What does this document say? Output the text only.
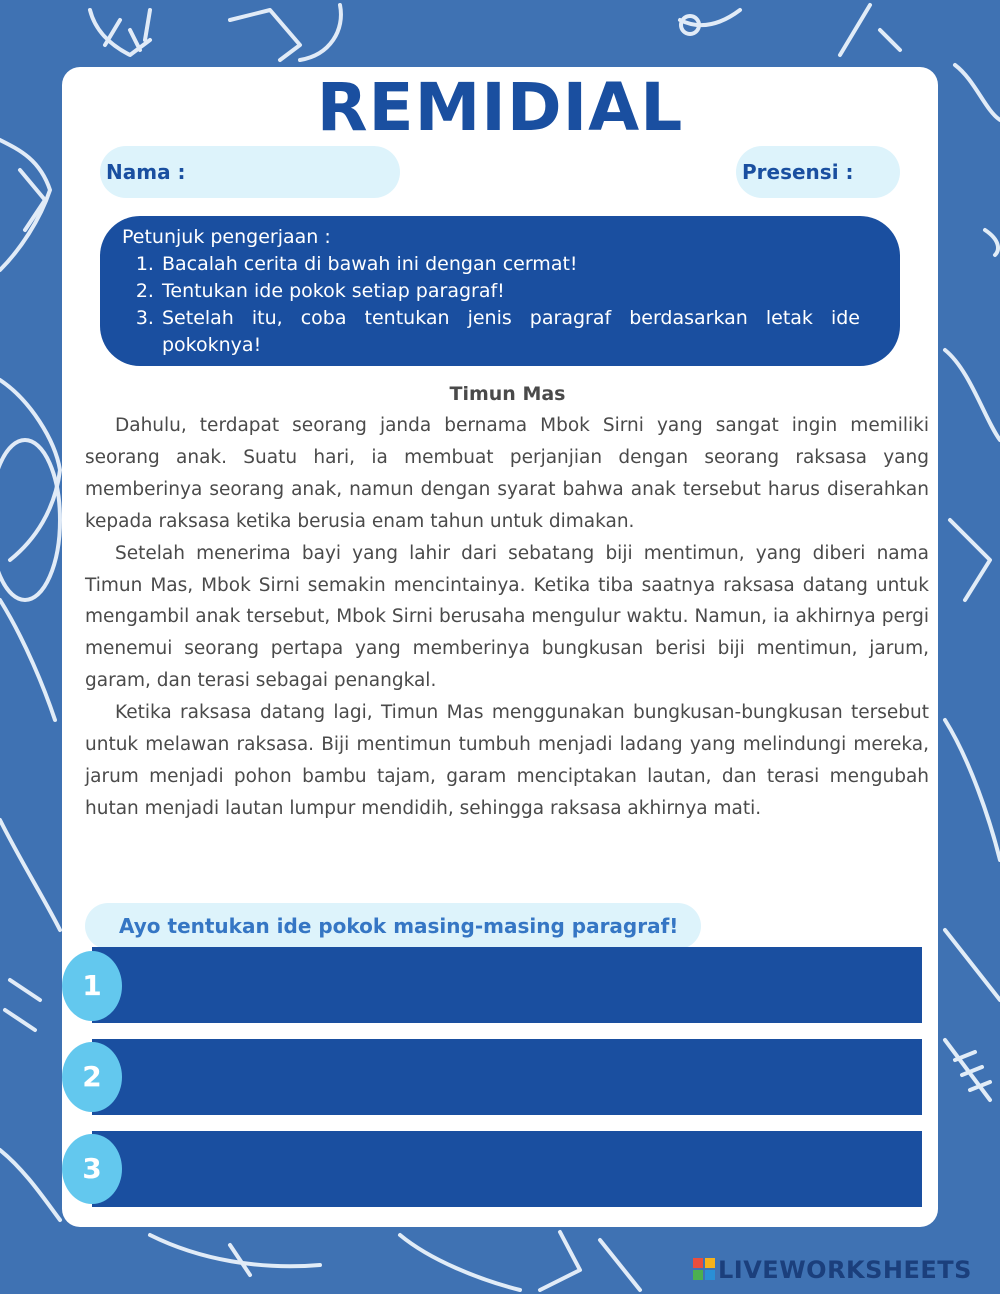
REMIDIAL
Nama :	Presensi :
Petunjuk pengerjaan :
1. Bacalah cerita di bawah ini dengan cermat!
2. Tentukan ide pokok setiap paragraf!
3. Setelah itu, coba tentukan jenis paragraf berdasarkan letak ide pokoknya!
Timun Mas

Dahulu, terdapat seorang janda bernama Mbok Sirni yang sangat ingin memiliki seorang anak. Suatu hari, ia membuat perjanjian dengan seorang raksasa yang memberinya seorang anak, namun dengan syarat bahwa anak tersebut harus diserahkan kepada raksasa ketika berusia enam tahun untuk dimakan.

Setelah menerima bayi yang lahir dari sebatang biji mentimun, yang diberi nama Timun Mas, Mbok Sirni semakin mencintainya. Ketika tiba saatnya raksasa datang untuk mengambil anak tersebut, Mbok Sirni berusaha mengulur waktu. Namun, ia akhirnya pergi menemui seorang pertapa yang memberinya bungkusan berisi biji mentimun, jarum, garam, dan terasi sebagai penangkal.

Ketika raksasa datang lagi, Timun Mas menggunakan bungkusan-bungkusan tersebut untuk melawan raksasa. Biji mentimun tumbuh menjadi ladang yang melindungi mereka, jarum menjadi pohon bambu tajam, garam menciptakan lautan, dan terasi mengubah hutan menjadi lautan lumpur mendidih, sehingga raksasa akhirnya mati.

Ayo tentukan ide pokok masing-masing paragraf!
1
2
3
LIVEWORKSHEETS
